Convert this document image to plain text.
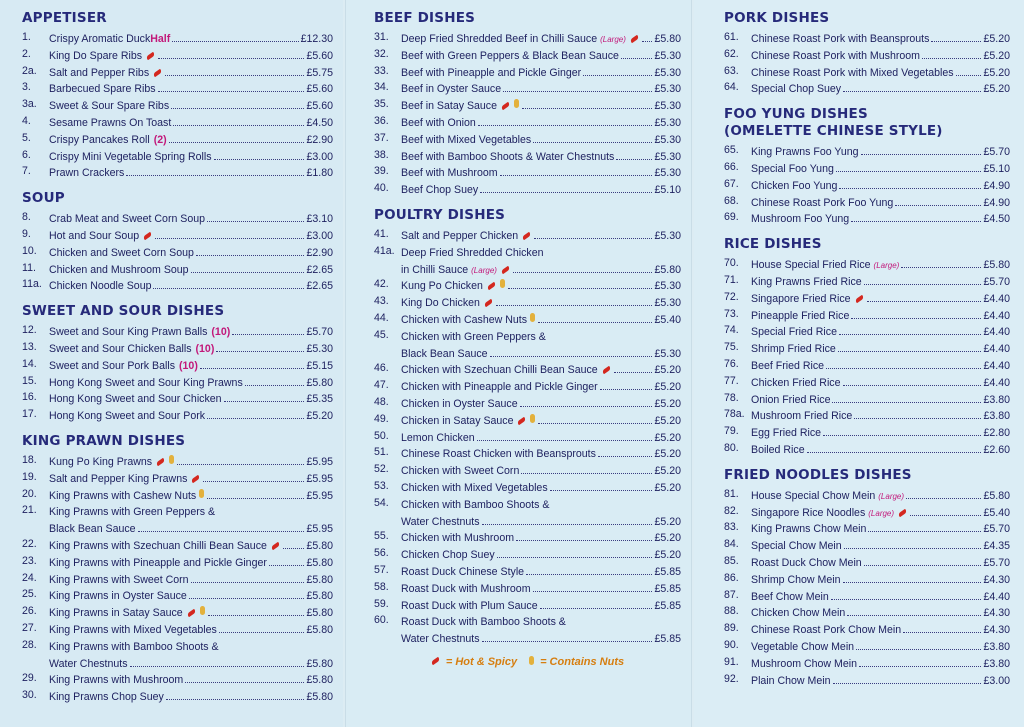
APPETISER
1.	Crispy Aromatic Duck Half	£12.30
2.	King Do Spare Ribs	£5.60
2a.	Salt and Pepper Ribs	£5.75
3.	Barbecued Spare Ribs	£5.60
3a.	Sweet & Sour Spare Ribs	£5.60
4.	Sesame Prawns On Toast	£4.50
5.	Crispy Pancakes Roll (2)	£2.90
6.	Crispy Mini Vegetable Spring Rolls	£3.00
7.	Prawn Crackers	£1.80
SOUP
8.	Crab Meat and Sweet Corn Soup	£3.10
9.	Hot and Sour Soup	£3.00
10.	Chicken and Sweet Corn Soup	£2.90
11.	Chicken and Mushroom Soup	£2.65
11a. Chicken Noodle Soup	£2.65
SWEET AND SOUR DISHES
12.	Sweet and Sour King Prawn Balls (10)	£5.70
13.	Sweet and Sour Chicken Balls (10)	£5.30
14.	Sweet and Sour Pork Balls (10)	£5.15
15.	Hong Kong Sweet and Sour King Prawns	£5.80
16.	Hong Kong Sweet and Sour Chicken	£5.35
17.	Hong Kong Sweet and Sour Pork	£5.20
KING PRAWN DISHES
18.	Kung Po King Prawns	£5.95
19.	Salt and Pepper King Prawns	£5.95
20.	King Prawns with Cashew Nuts	£5.95
21.	King Prawns with Green Peppers &
Black Bean Sauce	£5.95
22.	King Prawns with Szechuan Chilli Bean Sauce	£5.80
23.	King Prawns with Pineapple and Pickle Ginger	£5.80
24.	King Prawns with Sweet Corn	£5.80
25.	King Prawns in Oyster Sauce	£5.80
26.	King Prawns in Satay Sauce	£5.80
27.	King Prawns with Mixed Vegetables	£5.80
28.	King Prawns with Bamboo Shoots &
Water Chestnuts	£5.80
29.	King Prawns with Mushroom	£5.80
30.	King Prawns Chop Suey	£5.80
BEEF DISHES
31.	Deep Fried Shredded Beef in Chilli Sauce (Large)	£5.80
32.	Beef with Green Peppers & Black Bean Sauce	£5.30
33.	Beef with Pineapple and Pickle Ginger	£5.30
34.	Beef in Oyster Sauce	£5.30
35.	Beef in Satay Sauce	£5.30
36.	Beef with Onion	£5.30
37.	Beef with Mixed Vegetables	£5.30
38.	Beef with Bamboo Shoots & Water Chestnuts	£5.30
39.	Beef with Mushroom	£5.30
40.	Beef Chop Suey	£5.10
POULTRY DISHES
41.	Salt and Pepper Chicken	£5.30
41a. Deep Fried Shredded Chicken
in Chilli Sauce (Large)	£5.80
42.	Kung Po Chicken	£5.30
43.	King Do Chicken	£5.30
44.	Chicken with Cashew Nuts	£5.40
45.	Chicken with Green Peppers &
Black Bean Sauce	£5.30
46.	Chicken with Szechuan Chilli Bean Sauce	£5.20
47.	Chicken with Pineapple and Pickle Ginger	£5.20
48.	Chicken in Oyster Sauce	£5.20
49.	Chicken in Satay Sauce	£5.20
50.	Lemon Chicken	£5.20
51.	Chinese Roast Chicken with Beansprouts	£5.20
52.	Chicken with Sweet Corn	£5.20
53.	Chicken with Mixed Vegetables	£5.20
54.	Chicken with Bamboo Shoots &
Water Chestnuts	£5.20
55.	Chicken with Mushroom	£5.20
56.	Chicken Chop Suey	£5.20
57.	Roast Duck Chinese Style	£5.85
58.	Roast Duck with Mushroom	£5.85
59.	Roast Duck with Plum Sauce	£5.85
60.	Roast Duck with Bamboo Shoots &
Water Chestnuts	£5.85
= Hot & Spicy = Contains Nuts
PORK DISHES
61.	Chinese Roast Pork with Beansprouts	£5.20
62.	Chinese Roast Pork with Mushroom	£5.20
63.	Chinese Roast Pork with Mixed Vegetables	£5.20
64.	Special Chop Suey	£5.20
FOO YUNG DISHES
(OMELETTE CHINESE STYLE)
65.	King Prawns Foo Yung	£5.70
66.	Special Foo Yung	£5.10
67.	Chicken Foo Yung	£4.90
68.	Chinese Roast Pork Foo Yung	£4.90
69.	Mushroom Foo Yung	£4.50
RICE DISHES
70.	House Special Fried Rice (Large)	£5.80
71.	King Prawns Fried Rice	£5.70
72.	Singapore Fried Rice	£4.40
73.	Pineapple Fried Rice	£4.40
74.	Special Fried Rice	£4.40
75.	Shrimp Fried Rice	£4.40
76.	Beef Fried Rice	£4.40
77.	Chicken Fried Rice	£4.40
78.	Onion Fried Rice	£3.80
78a. Mushroom Fried Rice	£3.80
79.	Egg Fried Rice	£2.80
80.	Boiled Rice	£2.60
FRIED NOODLES DISHES
81.	House Special Chow Mein (Large)	£5.80
82.	Singapore Rice Noodles (Large)	£5.40
83.	King Prawns Chow Mein	£5.70
84.	Special Chow Mein	£4.35
85.	Roast Duck Chow Mein	£5.70
86.	Shrimp Chow Mein	£4.30
87.	Beef Chow Mein	£4.40
88.	Chicken Chow Mein	£4.30
89.	Chinese Roast Pork Chow Mein	£4.30
90.	Vegetable Chow Mein	£3.80
91.	Mushroom Chow Mein	£3.80
92.	Plain Chow Mein	£3.00
